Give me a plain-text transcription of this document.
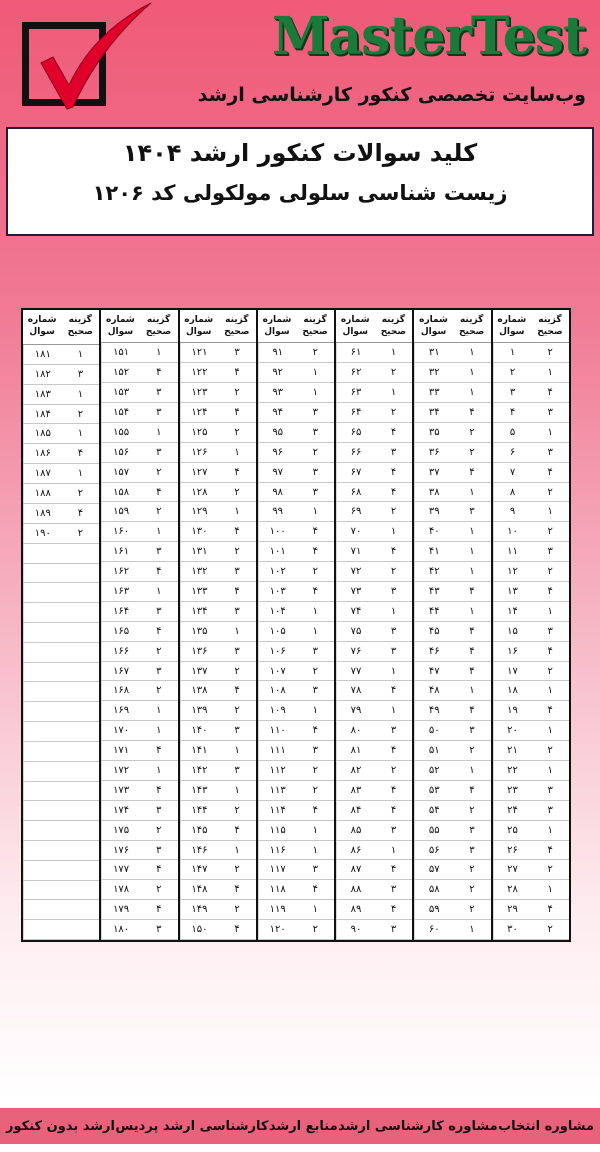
MasterTest
وب‌سایت تخصصی کنکور کارشناسی ارشد
کلید سوالات کنکور ارشد ۱۴۰۴
زیست شناسی سلولی مولکولی کد ۱۲۰۶
گزینه
صحیح
شماره
سوال
۲
۱
۱
۲
۴
۳
۳
۴
۱
۵
۳
۶
۴
۷
۲
۸
۱
۹
۲
۱۰
۳
۱۱
۲
۱۲
۴
۱۳
۱
۱۴
۳
۱۵
۴
۱۶
۲
۱۷
۱
۱۸
۴
۱۹
۱
۲۰
۲
۲۱
۱
۲۲
۳
۲۳
۳
۲۴
۱
۲۵
۴
۲۶
۲
۲۷
۱
۲۸
۴
۲۹
۲
۳۰
گزینه
صحیح
شماره
سوال
۱
۳۱
۱
۳۲
۱
۳۳
۴
۳۴
۲
۳۵
۲
۳۶
۴
۳۷
۱
۳۸
۳
۳۹
۱
۴۰
۱
۴۱
۱
۴۲
۴
۴۳
۱
۴۴
۴
۴۵
۴
۴۶
۴
۴۷
۱
۴۸
۴
۴۹
۳
۵۰
۲
۵۱
۱
۵۲
۴
۵۳
۲
۵۴
۳
۵۵
۳
۵۶
۲
۵۷
۲
۵۸
۲
۵۹
۱
۶۰
گزینه
صحیح
شماره
سوال
۱
۶۱
۲
۶۲
۱
۶۳
۲
۶۴
۴
۶۵
۳
۶۶
۴
۶۷
۴
۶۸
۲
۶۹
۱
۷۰
۴
۷۱
۲
۷۲
۳
۷۳
۱
۷۴
۳
۷۵
۳
۷۶
۱
۷۷
۴
۷۸
۱
۷۹
۳
۸۰
۴
۸۱
۲
۸۲
۴
۸۳
۴
۸۴
۳
۸۵
۱
۸۶
۴
۸۷
۳
۸۸
۴
۸۹
۳
۹۰
گزینه
صحیح
شماره
سوال
۲
۹۱
۱
۹۲
۱
۹۳
۳
۹۴
۳
۹۵
۲
۹۶
۳
۹۷
۳
۹۸
۱
۹۹
۴
۱۰۰
۴
۱۰۱
۲
۱۰۲
۴
۱۰۳
۱
۱۰۴
۱
۱۰۵
۳
۱۰۶
۲
۱۰۷
۳
۱۰۸
۱
۱۰۹
۴
۱۱۰
۳
۱۱۱
۲
۱۱۲
۲
۱۱۳
۴
۱۱۴
۱
۱۱۵
۱
۱۱۶
۳
۱۱۷
۴
۱۱۸
۱
۱۱۹
۲
۱۲۰
گزینه
صحیح
شماره
سوال
۳
۱۲۱
۴
۱۲۲
۲
۱۲۳
۴
۱۲۴
۲
۱۲۵
۱
۱۲۶
۴
۱۲۷
۲
۱۲۸
۱
۱۲۹
۴
۱۳۰
۲
۱۳۱
۳
۱۳۲
۴
۱۳۳
۳
۱۳۴
۱
۱۳۵
۳
۱۳۶
۲
۱۳۷
۴
۱۳۸
۲
۱۳۹
۳
۱۴۰
۱
۱۴۱
۳
۱۴۲
۱
۱۴۳
۲
۱۴۴
۴
۱۴۵
۱
۱۴۶
۲
۱۴۷
۴
۱۴۸
۲
۱۴۹
۴
۱۵۰
گزینه
صحیح
شماره
سوال
۱
۱۵۱
۴
۱۵۲
۳
۱۵۳
۳
۱۵۴
۱
۱۵۵
۳
۱۵۶
۲
۱۵۷
۴
۱۵۸
۲
۱۵۹
۱
۱۶۰
۳
۱۶۱
۴
۱۶۲
۱
۱۶۳
۳
۱۶۴
۴
۱۶۵
۲
۱۶۶
۳
۱۶۷
۲
۱۶۸
۱
۱۶۹
۱
۱۷۰
۴
۱۷۱
۱
۱۷۲
۴
۱۷۳
۳
۱۷۴
۲
۱۷۵
۳
۱۷۶
۴
۱۷۷
۲
۱۷۸
۴
۱۷۹
۳
۱۸۰
گزینه
صحیح
شماره
سوال
۱
۱۸۱
۳
۱۸۲
۱
۱۸۳
۲
۱۸۴
۱
۱۸۵
۴
۱۸۶
۱
۱۸۷
۲
۱۸۸
۴
۱۸۹
۲
۱۹۰
ارشد بدون کنکور کارشناسی ارشد پردیس منابع ارشد مشاوره کارشناسی ارشد مشاوره انتخاب
